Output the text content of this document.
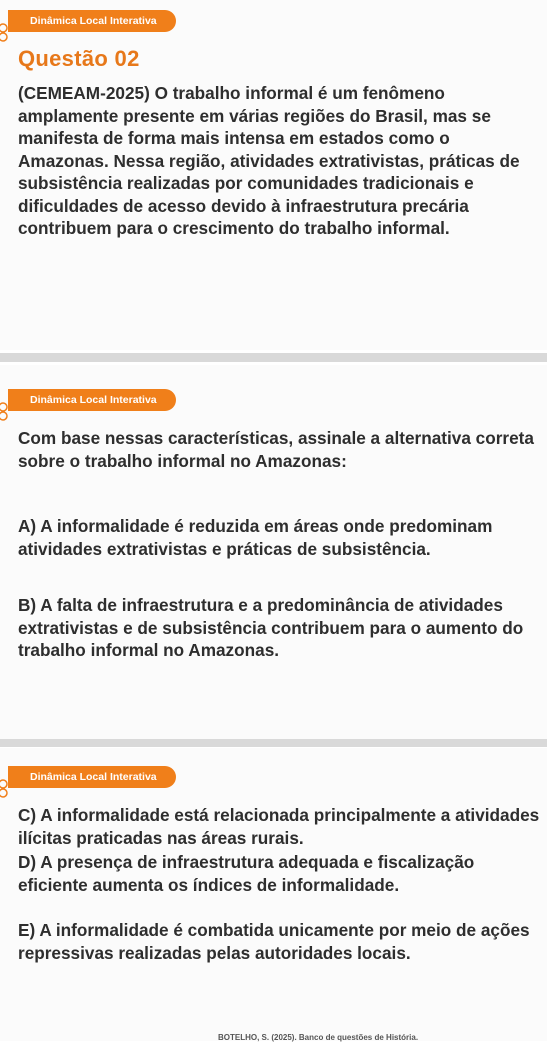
Dinâmica Local Interativa
Questão 02

(CEMEAM-2025) O trabalho informal é um fenômeno amplamente presente em várias regiões do Brasil, mas se manifesta de forma mais intensa em estados como o Amazonas. Nessa região, atividades extrativistas, práticas de subsistência realizadas por comunidades tradicionais e dificuldades de acesso devido à infraestrutura precária contribuem para o crescimento do trabalho informal.

Dinâmica Local Interativa

Com base nessas características, assinale a alternativa correta sobre o trabalho informal no Amazonas:

A) A informalidade é reduzida em áreas onde predominam atividades extrativistas e práticas de subsistência.

B) A falta de infraestrutura e a predominância de atividades extrativistas e de subsistência contribuem para o aumento do trabalho informal no Amazonas.

Dinâmica Local Interativa

C) A informalidade está relacionada principalmente a atividades ilícitas praticadas nas áreas rurais.

D) A presença de infraestrutura adequada e fiscalização eficiente aumenta os índices de informalidade.

E) A informalidade é combatida unicamente por meio de ações repressivas realizadas pelas autoridades locais.

BOTELHO, S. (2025). Banco de questões de História.
